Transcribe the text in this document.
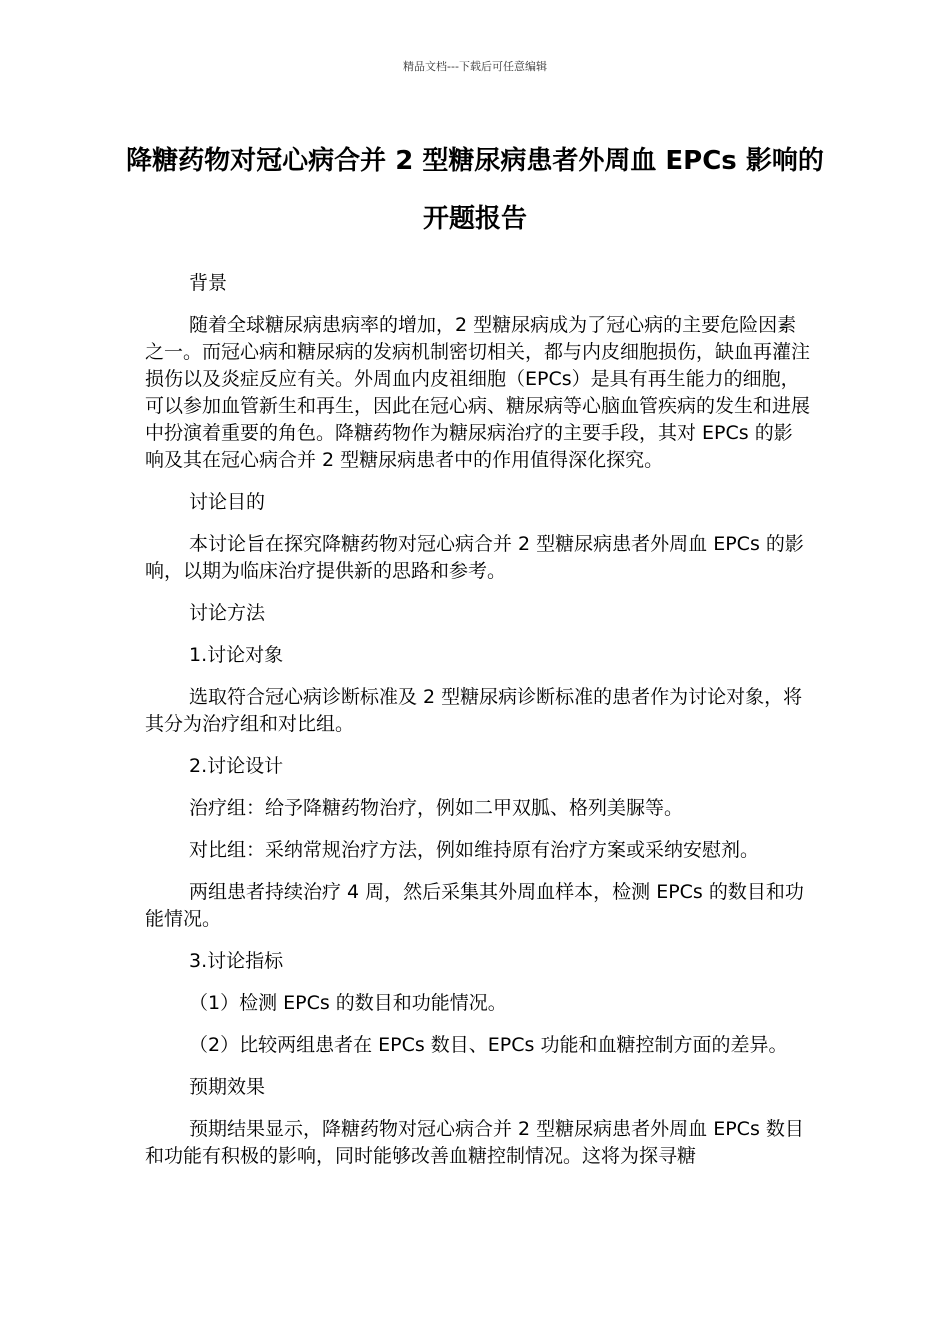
精品文档---下载后可任意编辑
降糖药物对冠心病合并 2 型糖尿病患者外周血 EPCs 影响的开题报告

背景

随着全球糖尿病患病率的增加，2 型糖尿病成为了冠心病的主要危险因素之一。而冠心病和糖尿病的发病机制密切相关，都与内皮细胞损伤，缺血再灌注损伤以及炎症反应有关。外周血内皮祖细胞（EPCs）是具有再生能力的细胞，可以参加血管新生和再生，因此在冠心病、糖尿病等心脑血管疾病的发生和进展中扮演着重要的角色。降糖药物作为糖尿病治疗的主要手段，其对 EPCs 的影响及其在冠心病合并 2 型糖尿病患者中的作用值得深化探究。

讨论目的

本讨论旨在探究降糖药物对冠心病合并 2 型糖尿病患者外周血 EPCs 的影响，以期为临床治疗提供新的思路和参考。

讨论方法

1.讨论对象

选取符合冠心病诊断标准及 2 型糖尿病诊断标准的患者作为讨论对象，将其分为治疗组和对比组。

2.讨论设计

治疗组：给予降糖药物治疗，例如二甲双胍、格列美脲等。

对比组：采纳常规治疗方法，例如维持原有治疗方案或采纳安慰剂。

两组患者持续治疗 4 周，然后采集其外周血样本，检测 EPCs 的数目和功能情况。

3.讨论指标

（1）检测 EPCs 的数目和功能情况。

（2）比较两组患者在 EPCs 数目、EPCs 功能和血糖控制方面的差异。

预期效果

预期结果显示，降糖药物对冠心病合并 2 型糖尿病患者外周血 EPCs 数目和功能有积极的影响，同时能够改善血糖控制情况。这将为探寻糖
